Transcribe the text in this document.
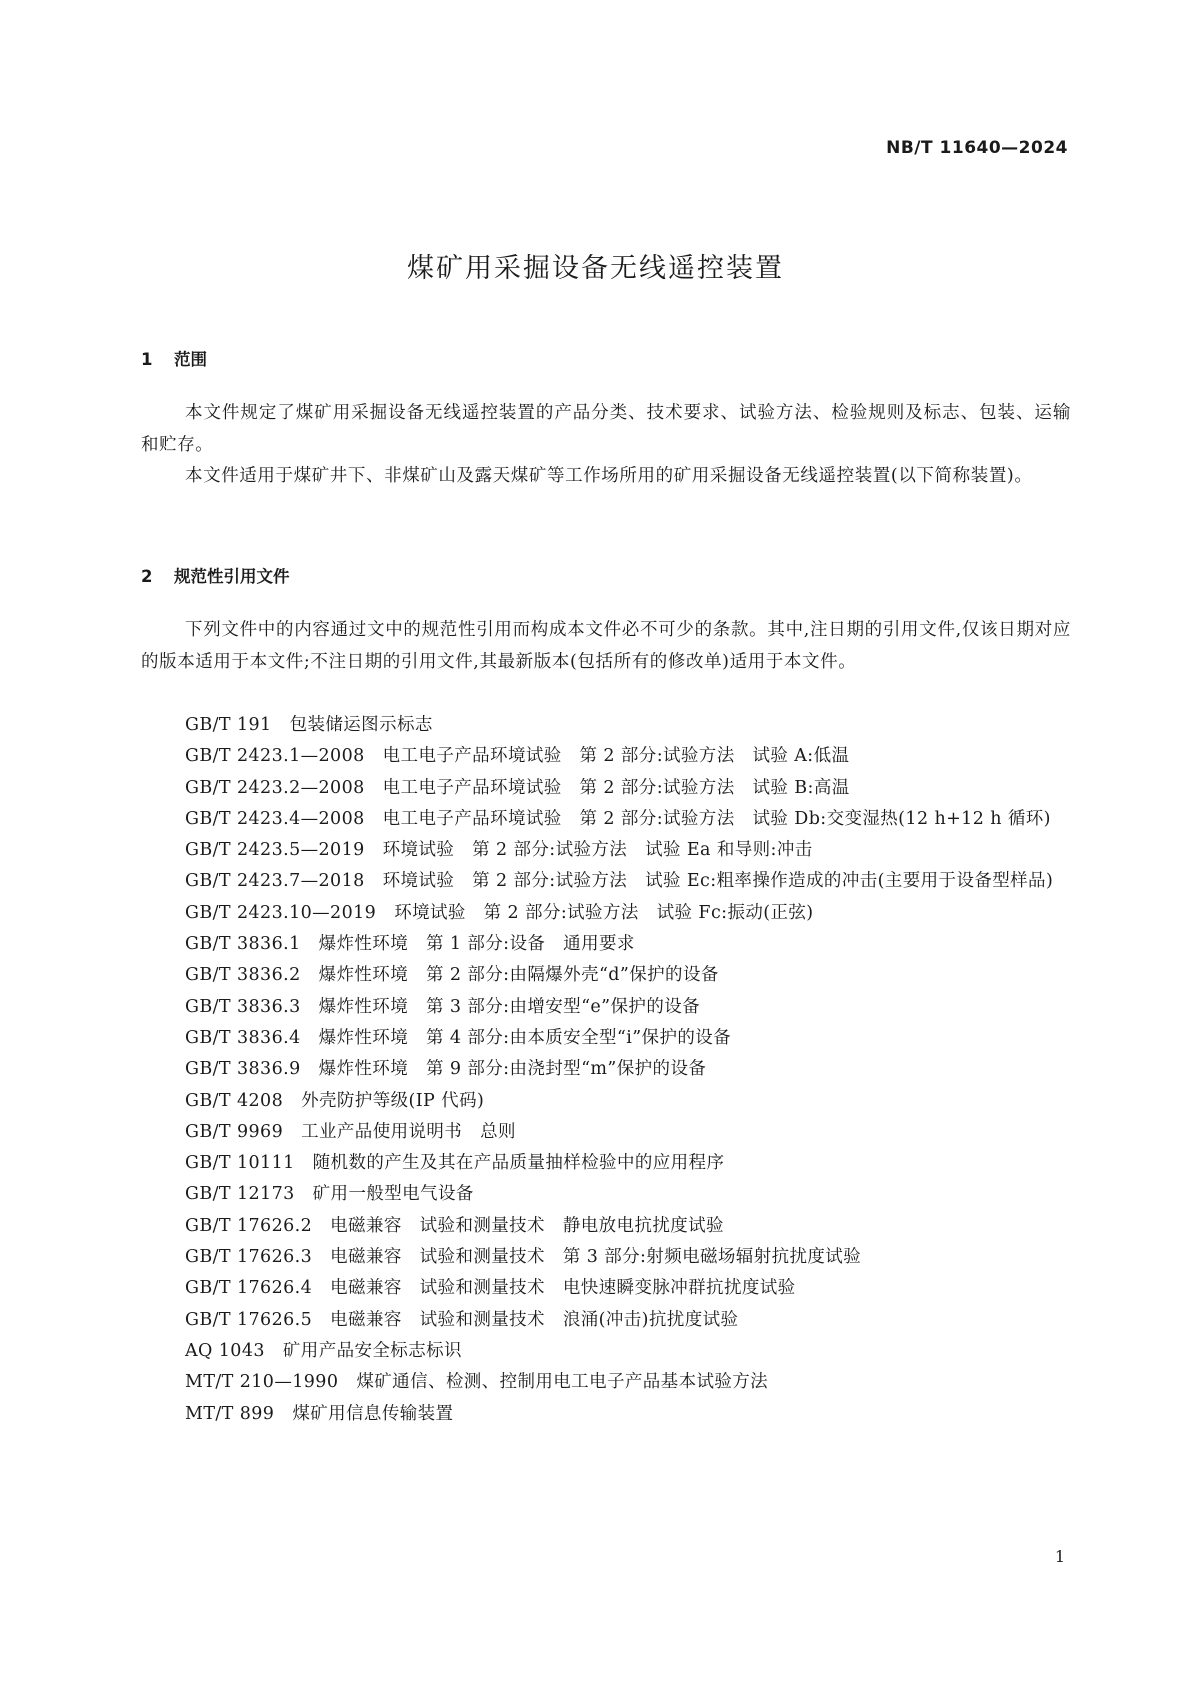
NB/T 11640—2024
煤矿用采掘设备无线遥控装置
1 范围

本文件规定了煤矿用采掘设备无线遥控装置的产品分类、技术要求、试验方法、检验规则及标志、包装、运输和贮存。

本文件适用于煤矿井下、非煤矿山及露天煤矿等工作场所用的矿用采掘设备无线遥控装置(以下简称装置)。

2 规范性引用文件

下列文件中的内容通过文中的规范性引用而构成本文件必不可少的条款。其中,注日期的引用文件,仅该日期对应的版本适用于本文件;不注日期的引用文件,其最新版本(包括所有的修改单)适用于本文件。

GB/T 191 包装储运图示标志
GB/T 2423.1—2008 电工电子产品环境试验　第 2 部分:试验方法　试验 A:低温
GB/T 2423.2—2008 电工电子产品环境试验　第 2 部分:试验方法　试验 B:高温
GB/T 2423.4—2008 电工电子产品环境试验　第 2 部分:试验方法　试验 Db:交变湿热(12 h+12 h 循环)
GB/T 2423.5—2019 环境试验　第 2 部分:试验方法　试验 Ea 和导则:冲击
GB/T 2423.7—2018 环境试验　第 2 部分:试验方法　试验 Ec:粗率操作造成的冲击(主要用于设备型样品)
GB/T 2423.10—2019 环境试验　第 2 部分:试验方法　试验 Fc:振动(正弦)
GB/T 3836.1 爆炸性环境　第 1 部分:设备　通用要求
GB/T 3836.2 爆炸性环境　第 2 部分:由隔爆外壳“d”保护的设备
GB/T 3836.3 爆炸性环境　第 3 部分:由增安型“e”保护的设备
GB/T 3836.4 爆炸性环境　第 4 部分:由本质安全型“i”保护的设备
GB/T 3836.9 爆炸性环境　第 9 部分:由浇封型“m”保护的设备
GB/T 4208 外壳防护等级(IP 代码)
GB/T 9969 工业产品使用说明书　总则
GB/T 10111 随机数的产生及其在产品质量抽样检验中的应用程序
GB/T 12173 矿用一般型电气设备
GB/T 17626.2 电磁兼容　试验和测量技术　静电放电抗扰度试验
GB/T 17626.3 电磁兼容　试验和测量技术　第 3 部分:射频电磁场辐射抗扰度试验
GB/T 17626.4 电磁兼容　试验和测量技术　电快速瞬变脉冲群抗扰度试验
GB/T 17626.5 电磁兼容　试验和测量技术　浪涌(冲击)抗扰度试验
AQ 1043 矿用产品安全标志标识
MT/T 210—1990 煤矿通信、检测、控制用电工电子产品基本试验方法
MT/T 899 煤矿用信息传输装置
1
